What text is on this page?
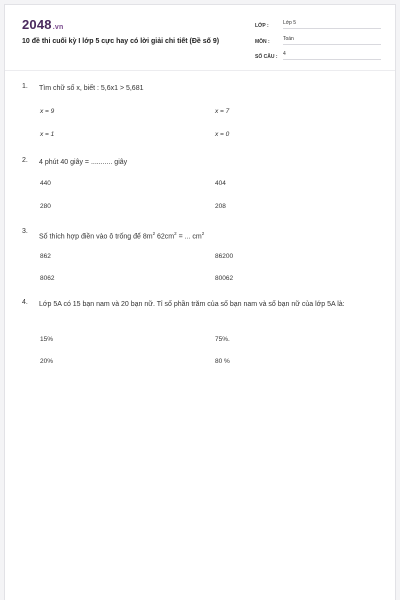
2048.vn
10 đề thi cuối kỳ I lớp 5 cực hay có lời giải chi tiết (Đề số 9)
LỚP :	Lớp 5
MÔN :	Toán
SỐ CÂU :	4
1. Tìm chữ số x, biết : 5,6x1 > 5,681
x = 9	x = 7
x = 1	x = 0
2. 4 phút 40 giây = ........... giây
440	404
280	208
3.
Số thích hợp điền vào ô trống để $8m^2$ $62cm^2$ = ... $cm^2$
862	86200
8062	80062
4. Lớp 5A có 15 bạn nam và 20 bạn nữ. Tỉ số phần trăm của số bạn nam và số bạn nữ của lớp 5A là:
15%	75%.
20%	80 %
